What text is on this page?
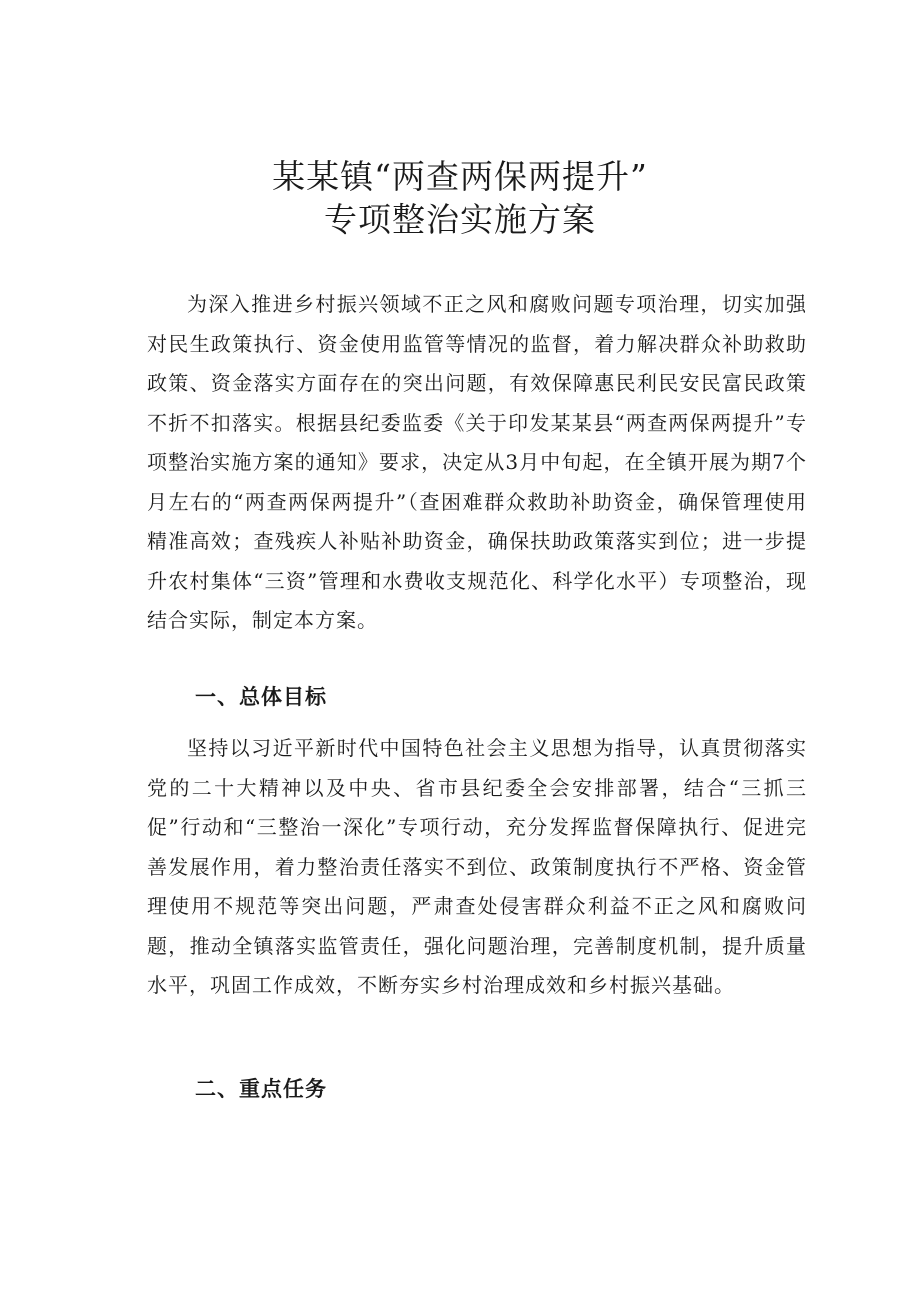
某某镇“两查两保两提升”
专项整治实施方案

为深入推进乡村振兴领域不正之风和腐败问题专项治理，切实加强对民生政策执行、资金使用监管等情况的监督，着力解决群众补助救助政策、资金落实方面存在的突出问题，有效保障惠民利民安民富民政策不折不扣落实。根据县纪委监委《关于印发某某县“两查两保两提升”专项整治实施方案的通知》要求，决定从3月中旬起，在全镇开展为期7个月左右的“两查两保两提升”（查困难群众救助补助资金，确保管理使用精准高效；查残疾人补贴补助资金，确保扶助政策落实到位；进一步提升农村集体“三资”管理和水费收支规范化、科学化水平）专项整治，现结合实际，制定本方案。

一、总体目标

坚持以习近平新时代中国特色社会主义思想为指导，认真贯彻落实党的二十大精神以及中央、省市县纪委全会安排部署，结合“三抓三促”行动和“三整治一深化”专项行动，充分发挥监督保障执行、促进完善发展作用，着力整治责任落实不到位、政策制度执行不严格、资金管理使用不规范等突出问题，严肃查处侵害群众利益不正之风和腐败问题，推动全镇落实监管责任，强化问题治理，完善制度机制，提升质量水平，巩固工作成效，不断夯实乡村治理成效和乡村振兴基础。

二、重点任务
